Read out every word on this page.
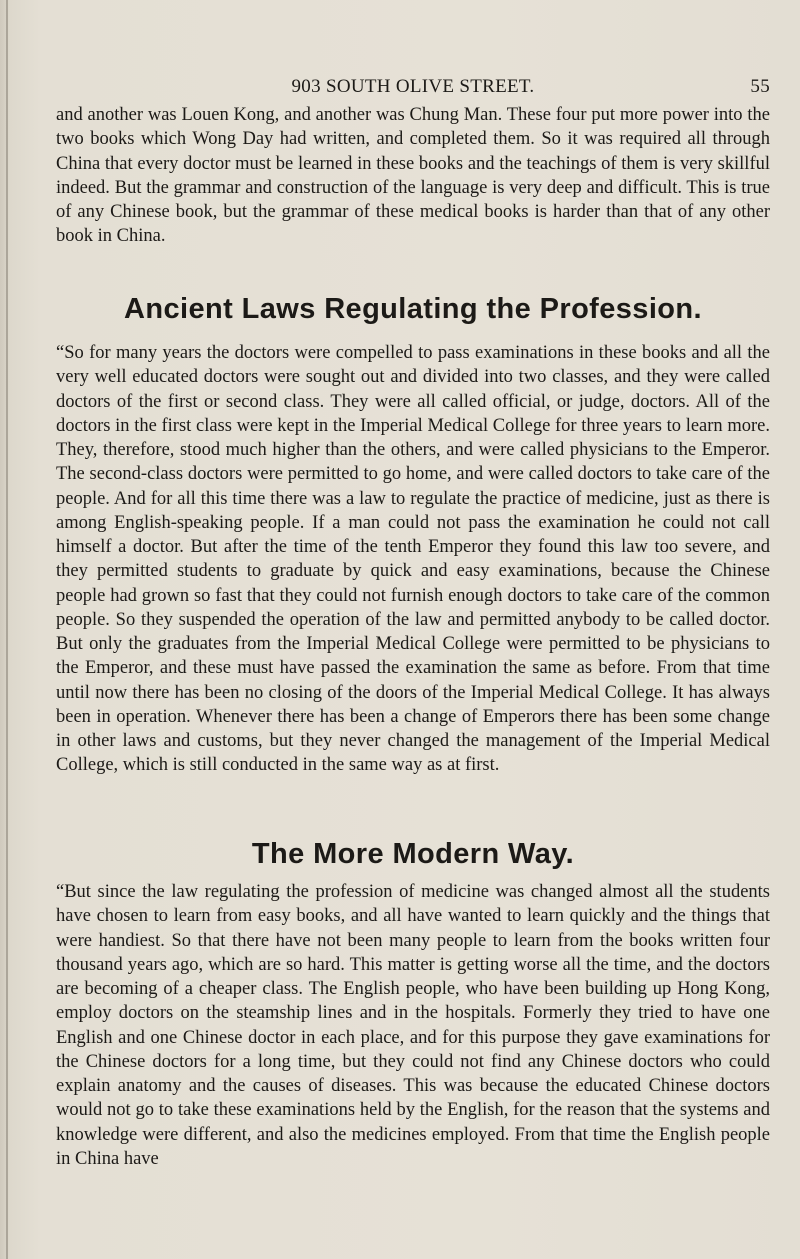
903 SOUTH OLIVE STREET.	55

and another was Louen Kong, and another was Chung Man. These four put more power into the two books which Wong Day had written, and completed them. So it was required all through China that every doctor must be learned in these books and the teachings of them is very skillful indeed. But the grammar and construction of the language is very deep and difficult. This is true of any Chinese book, but the grammar of these medical books is harder than that of any other book in China.

Ancient Laws Regulating the Profession.

“So for many years the doctors were compelled to pass examinations in these books and all the very well educated doctors were sought out and divided into two classes, and they were called doctors of the first or second class. They were all called official, or judge, doctors. All of the doctors in the first class were kept in the Imperial Medical College for three years to learn more. They, therefore, stood much higher than the others, and were called physicians to the Emperor. The second-class doctors were permitted to go home, and were called doctors to take care of the people. And for all this time there was a law to regulate the practice of medicine, just as there is among English-speaking people. If a man could not pass the examination he could not call himself a doctor. But after the time of the tenth Emperor they found this law too severe, and they permitted students to graduate by quick and easy examinations, because the Chinese people had grown so fast that they could not furnish enough doctors to take care of the common people. So they suspended the operation of the law and permitted anybody to be called doctor. But only the graduates from the Imperial Medical College were permitted to be physicians to the Emperor, and these must have passed the examination the same as before. From that time until now there has been no closing of the doors of the Imperial Medical College. It has always been in operation. Whenever there has been a change of Emperors there has been some change in other laws and customs, but they never changed the management of the Imperial Medical College, which is still conducted in the same way as at first.

The More Modern Way.

“But since the law regulating the profession of medicine was changed almost all the students have chosen to learn from easy books, and all have wanted to learn quickly and the things that were handiest. So that there have not been many people to learn from the books written four thousand years ago, which are so hard. This matter is getting worse all the time, and the doctors are becoming of a cheaper class. The English people, who have been building up Hong Kong, employ doctors on the steamship lines and in the hospitals. Formerly they tried to have one English and one Chinese doctor in each place, and for this purpose they gave examinations for the Chinese doctors for a long time, but they could not find any Chinese doctors who could explain anatomy and the causes of diseases. This was because the educated Chinese doctors would not go to take these examinations held by the English, for the reason that the systems and knowledge were different, and also the medicines employed. From that time the English people in China have
